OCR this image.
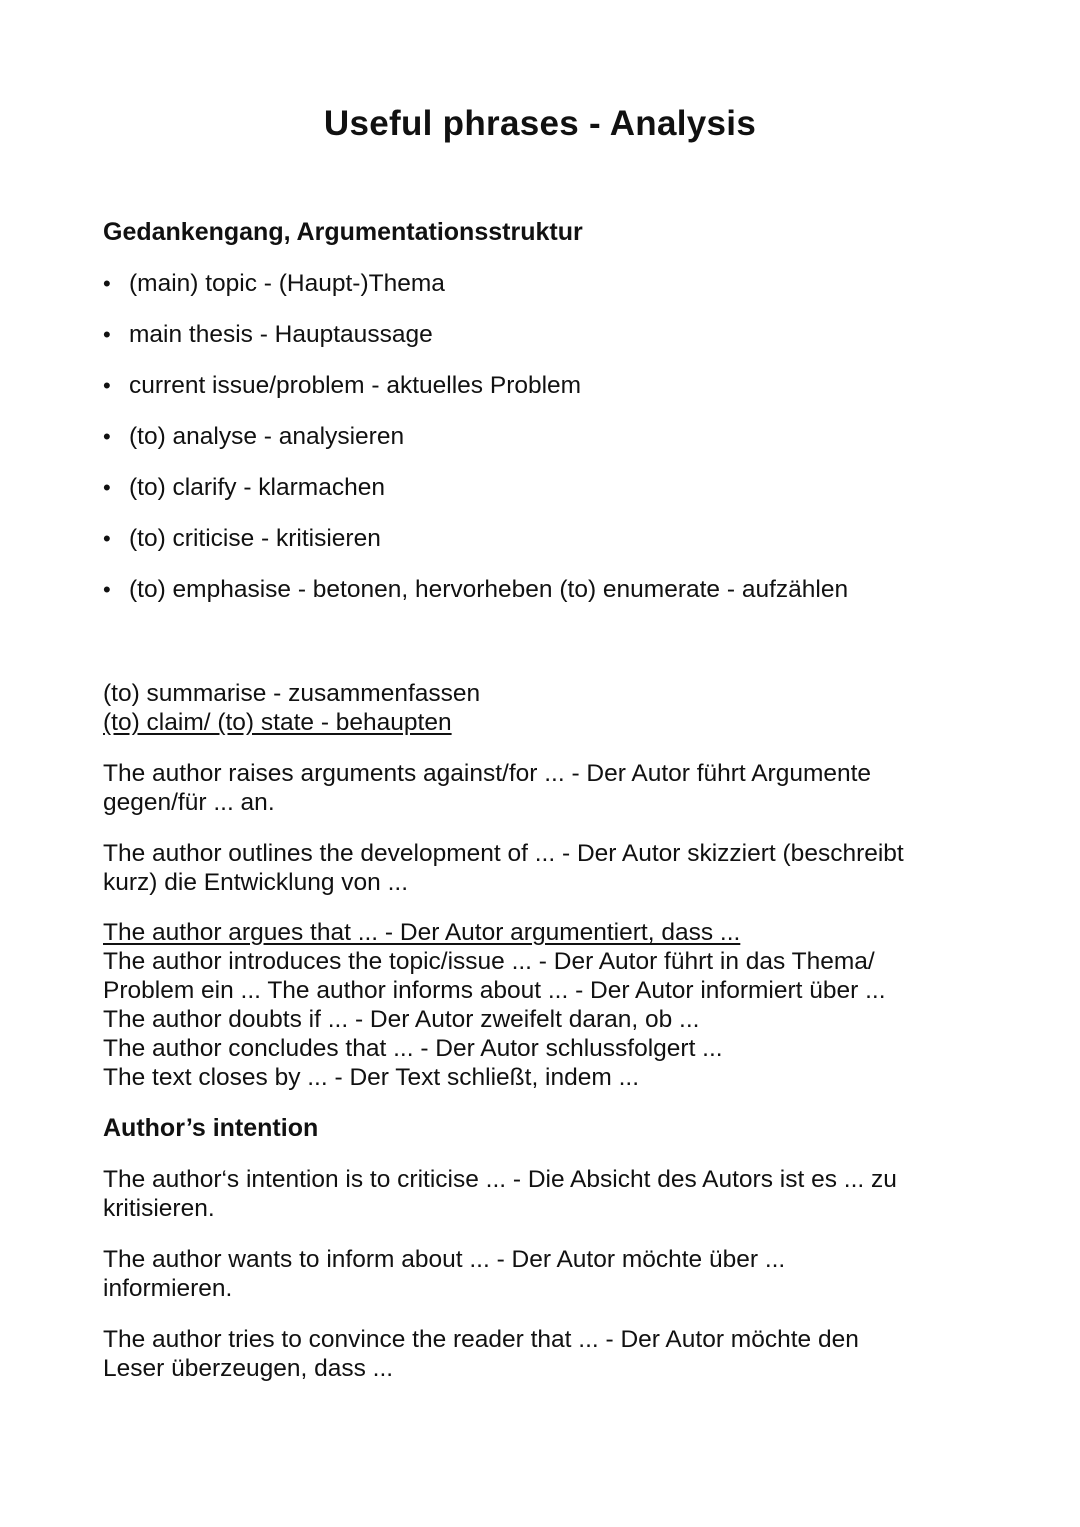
Useful phrases - Analysis
Gedankengang, Argumentationsstruktur
• (main) topic - (Haupt-)Thema
• main thesis - Hauptaussage
• current issue/problem - aktuelles Problem
• (to) analyse - analysieren
• (to) clarify - klarmachen
• (to) criticise - kritisieren
• (to) emphasise - betonen, hervorheben (to) enumerate - aufzählen
(to) summarise - zusammenfassen
(to) claim/ (to) state - behaupten
The author raises arguments against/for ... - Der Autor führt Argumente
gegen/für ... an.
The author outlines the development of ... - Der Autor skizziert (beschreibt
kurz) die Entwicklung von ...
The author argues that ... - Der Autor argumentiert, dass ...
The author introduces the topic/issue ... - Der Autor führt in das Thema/
Problem ein ... The author informs about ... - Der Autor informiert über ...
The author doubts if ... - Der Autor zweifelt daran, ob ...
The author concludes that ... - Der Autor schlussfolgert ...
The text closes by ... - Der Text schließt, indem ...
Author’s intention
The author‘s intention is to criticise ... - Die Absicht des Autors ist es ... zu
kritisieren.
The author wants to inform about ... - Der Autor möchte über ...
informieren.
The author tries to convince the reader that ... - Der Autor möchte den
Leser überzeugen, dass ...
